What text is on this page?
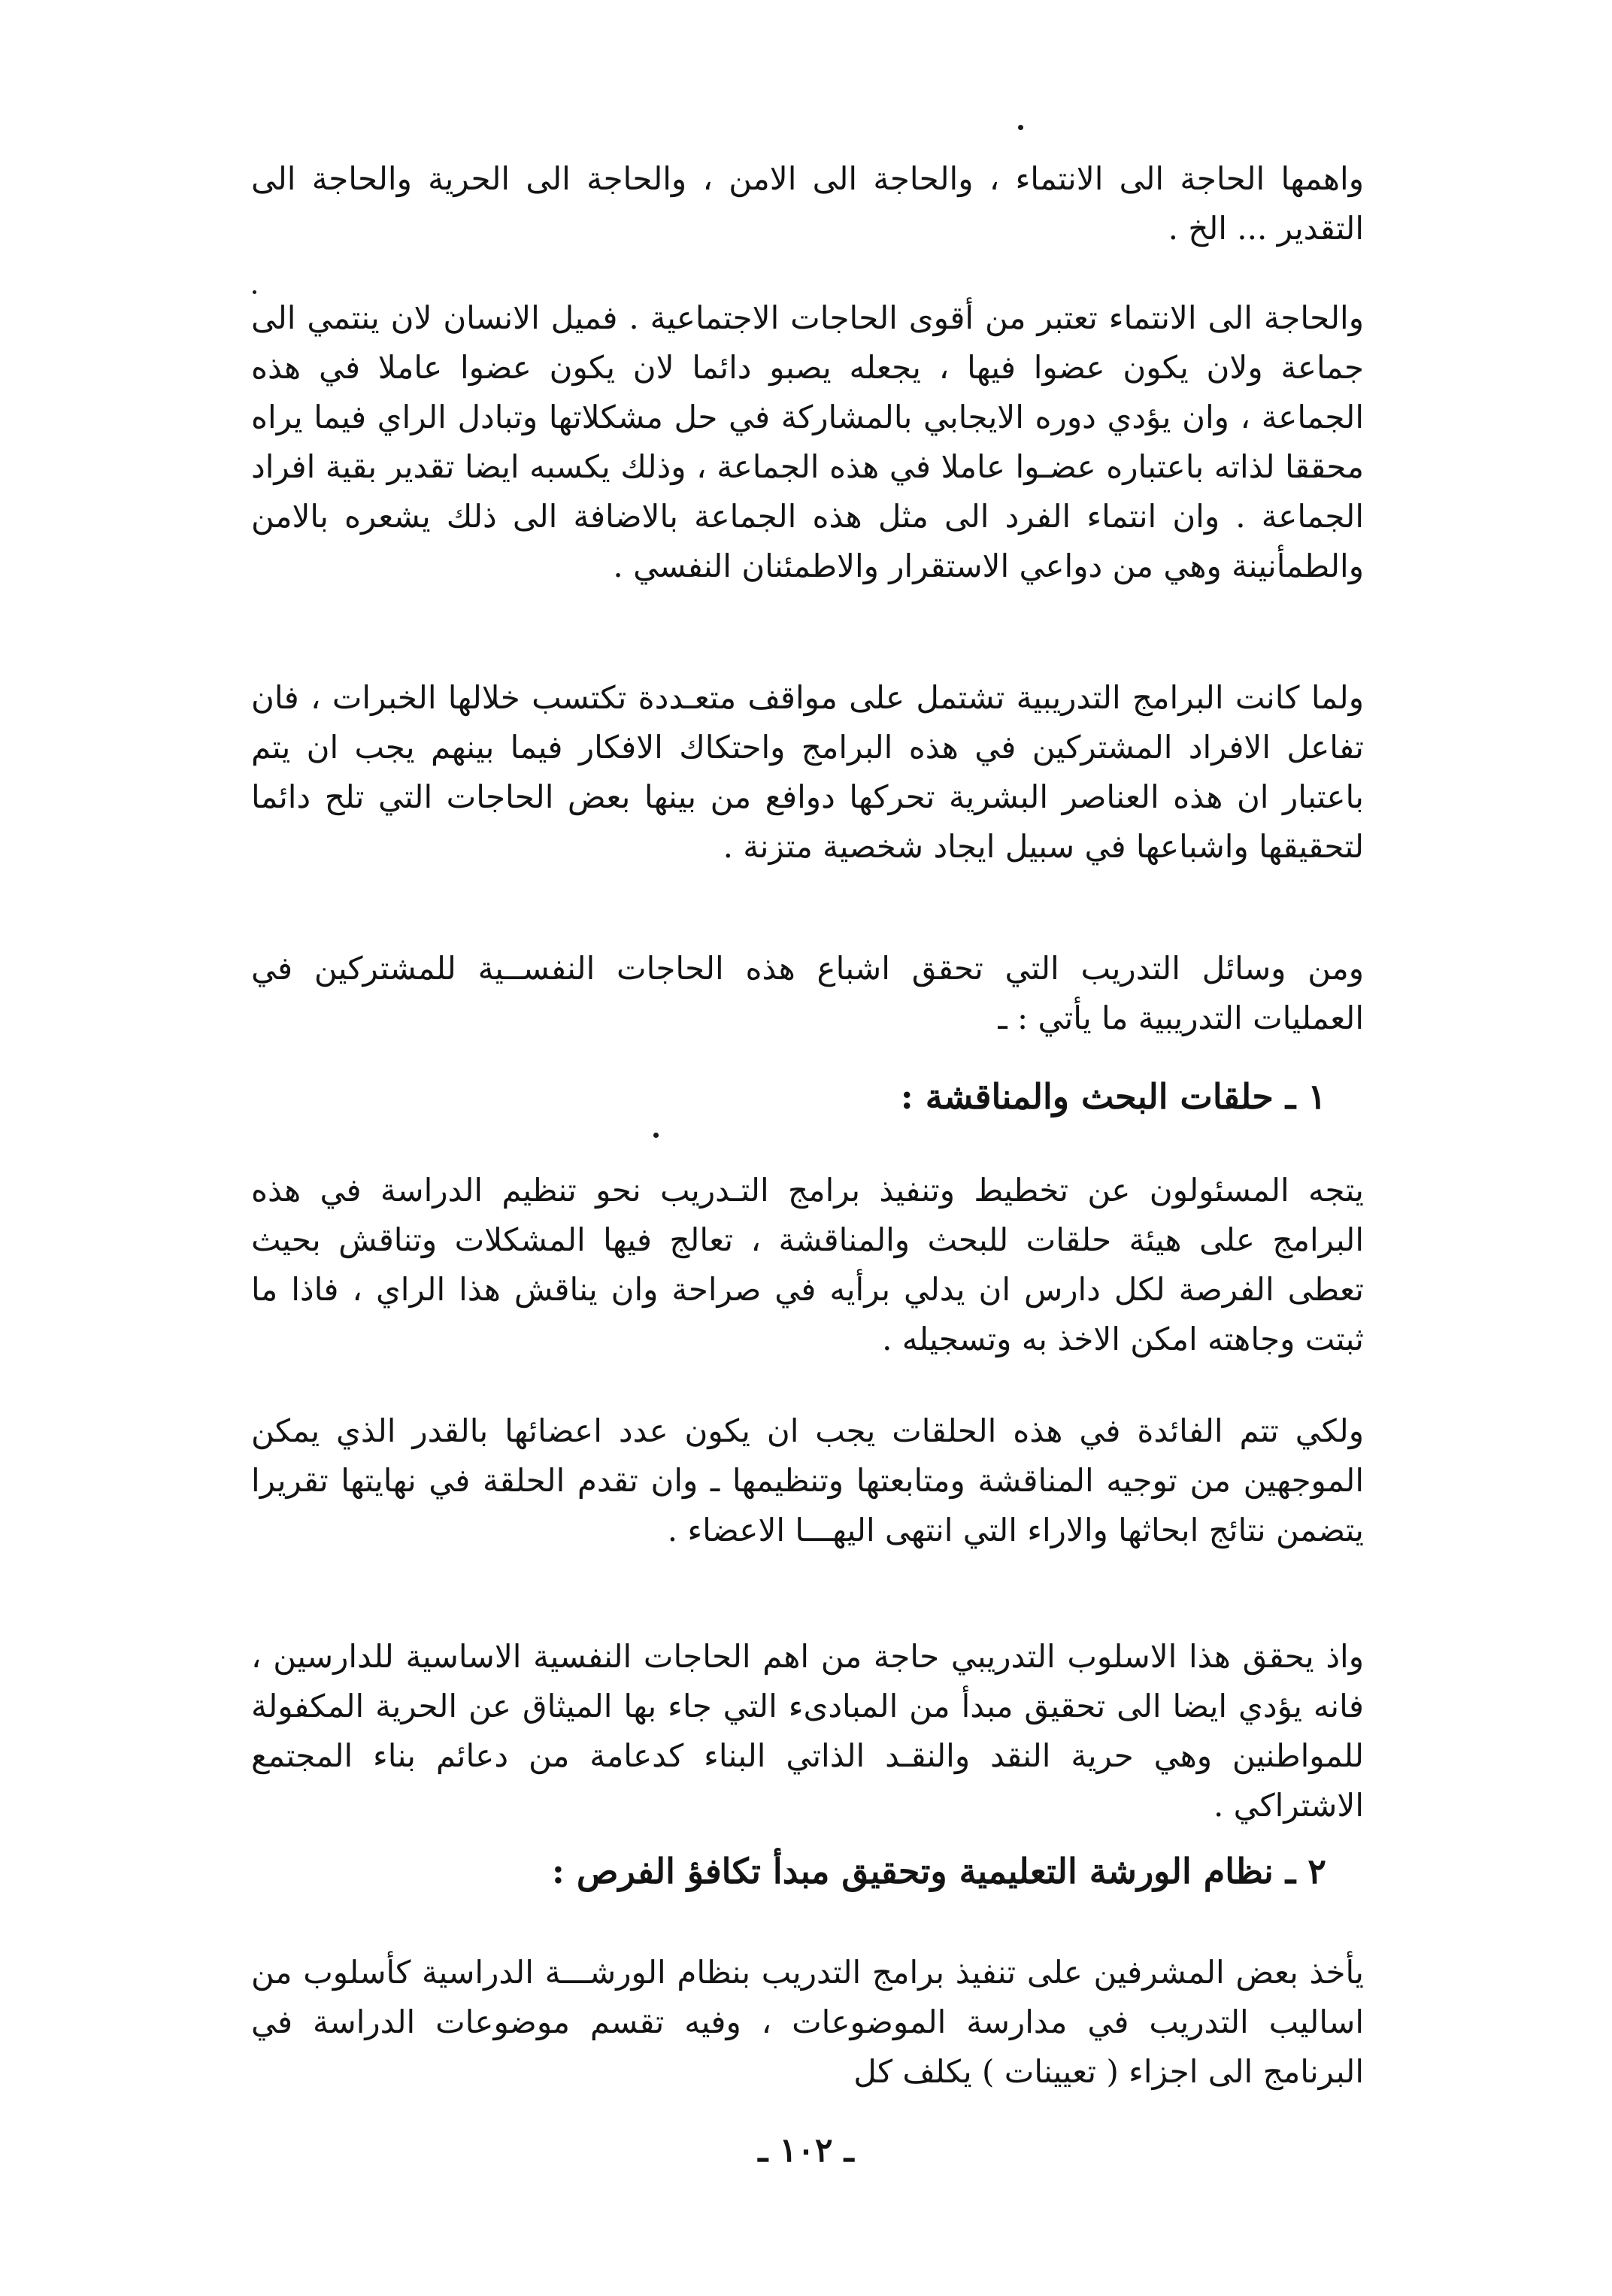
واهمها الحاجة الى الانتماء ، والحاجة الى الامن ، والحاجة الى الحرية والحاجة الى التقدير ... الخ .
والحاجة الى الانتماء تعتبر من أقوى الحاجات الاجتماعية . فميل الانسان لان ينتمي الى جماعة ولان يكون عضوا فيها ، يجعله يصبو دائما لان يكون عضوا عاملا في هذه الجماعة ، وان يؤدي دوره الايجابي بالمشاركة في حل مشكلاتها وتبادل الراي فيما يراه محققا لذاته باعتباره عضـوا عاملا في هذه الجماعة ، وذلك يكسبه ايضا تقدير بقية افراد الجماعة . وان انتماء الفرد الى مثل هذه الجماعة بالاضافة الى ذلك يشعره بالامن والطمأنينة وهي من دواعي الاستقرار والاطمئنان النفسي .
ولما كانت البرامج التدريبية تشتمل على مواقف متعـددة تكتسب خلالها الخبرات ، فان تفاعل الافراد المشتركين في هذه البرامج واحتكاك الافكار فيما بينهم يجب ان يتم باعتبار ان هذه العناصر البشرية تحركها دوافع من بينها بعض الحاجات التي تلح دائما لتحقيقها واشباعها في سبيل ايجاد شخصية متزنة .
ومن وسائل التدريب التي تحقق اشباع هذه الحاجات النفســية للمشتركين في العمليات التدريبية ما يأتي : ـ
١ ـ حلقات البحث والمناقشة :
يتجه المسئولون عن تخطيط وتنفيذ برامج التـدريب نحو تنظيم الدراسة في هذه البرامج على هيئة حلقات للبحث والمناقشة ، تعالج فيها المشكلات وتناقش بحيث تعطى الفرصة لكل دارس ان يدلي برأيه في صراحة وان يناقش هذا الراي ، فاذا ما ثبتت وجاهته امكن الاخذ به وتسجيله .
ولكي تتم الفائدة في هذه الحلقات يجب ان يكون عدد اعضائها بالقدر الذي يمكن الموجهين من توجيه المناقشة ومتابعتها وتنظيمها ـ وان تقدم الحلقة في نهايتها تقريرا يتضمن نتائج ابحاثها والاراء التي انتهى اليهـــا الاعضاء .
واذ يحقق هذا الاسلوب التدريبي حاجة من اهم الحاجات النفسية الاساسية للدارسين ، فانه يؤدي ايضا الى تحقيق مبدأ من المبادىء التي جاء بها الميثاق عن الحرية المكفولة للمواطنين وهي حرية النقد والنقـد الذاتي البناء كدعامة من دعائم بناء المجتمع الاشتراكي .
٢ ـ نظام الورشة التعليمية وتحقيق مبدأ تكافؤ الفرص :
يأخذ بعض المشرفين على تنفيذ برامج التدريب بنظام الورشـــة الدراسية كأسلوب من اساليب التدريب في مدارسة الموضوعات ، وفيه تقسم موضوعات الدراسة في البرنامج الى اجزاء ( تعيينات ) يكلف كل
ـ ١٠٢ ـ
